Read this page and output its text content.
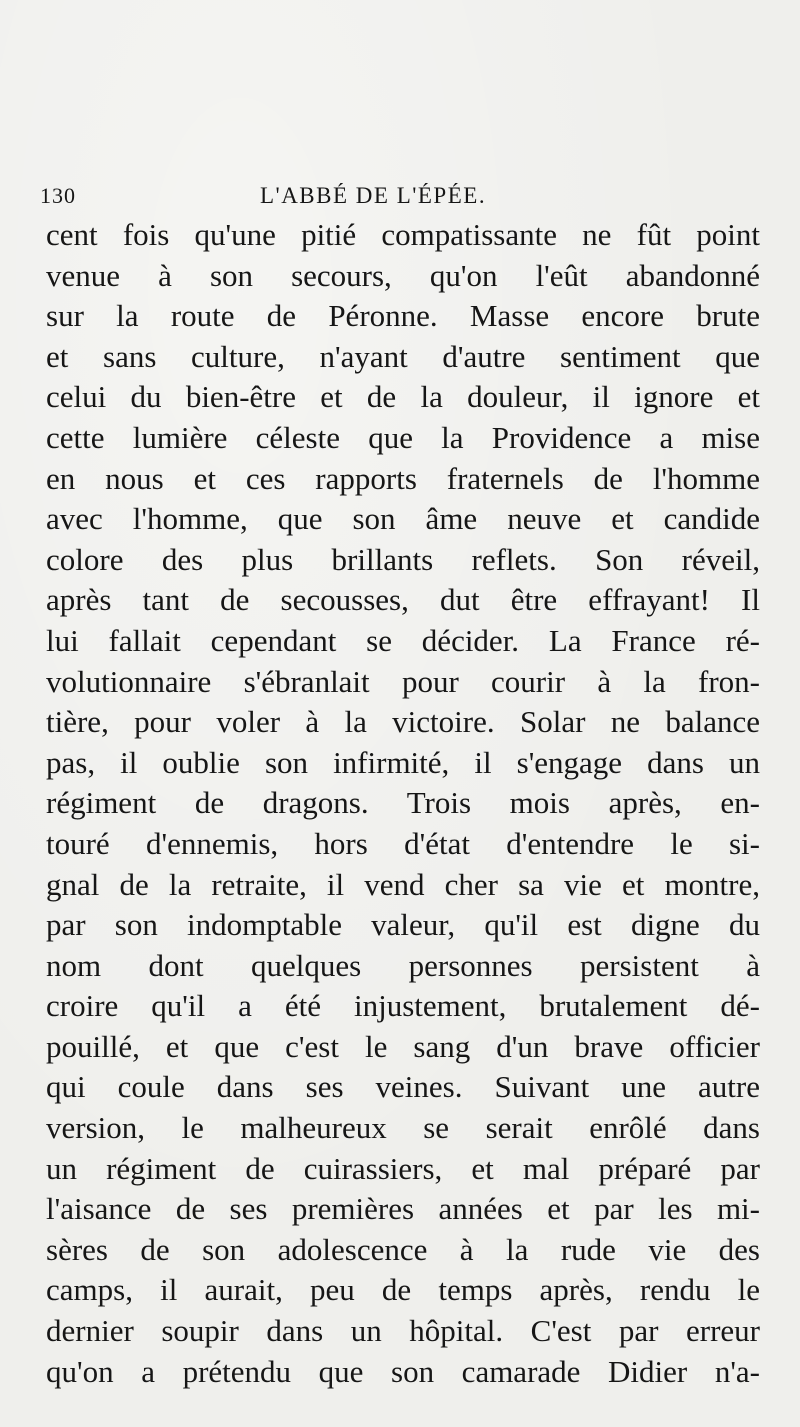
130	L'ABBÉ DE L'ÉPÉE.
cent fois qu'une pitié compatissante ne fût point
venue à son secours, qu'on l'eût abandonné
sur la route de Péronne. Masse encore brute
et sans culture, n'ayant d'autre sentiment que
celui du bien-être et de la douleur, il ignore et
cette lumière céleste que la Providence a mise
en nous et ces rapports fraternels de l'homme
avec l'homme, que son âme neuve et candide
colore des plus brillants reflets. Son réveil,
après tant de secousses, dut être effrayant! Il
lui fallait cependant se décider. La France ré-
volutionnaire s'ébranlait pour courir à la fron-
tière, pour voler à la victoire. Solar ne balance
pas, il oublie son infirmité, il s'engage dans un
régiment de dragons. Trois mois après, en-
touré d'ennemis, hors d'état d'entendre le si-
gnal de la retraite, il vend cher sa vie et montre,
par son indomptable valeur, qu'il est digne du
nom dont quelques personnes persistent à
croire qu'il a été injustement, brutalement dé-
pouillé, et que c'est le sang d'un brave officier
qui coule dans ses veines. Suivant une autre
version, le malheureux se serait enrôlé dans
un régiment de cuirassiers, et mal préparé par
l'aisance de ses premières années et par les mi-
sères de son adolescence à la rude vie des
camps, il aurait, peu de temps après, rendu le
dernier soupir dans un hôpital. C'est par erreur
qu'on a prétendu que son camarade Didier n'a-
